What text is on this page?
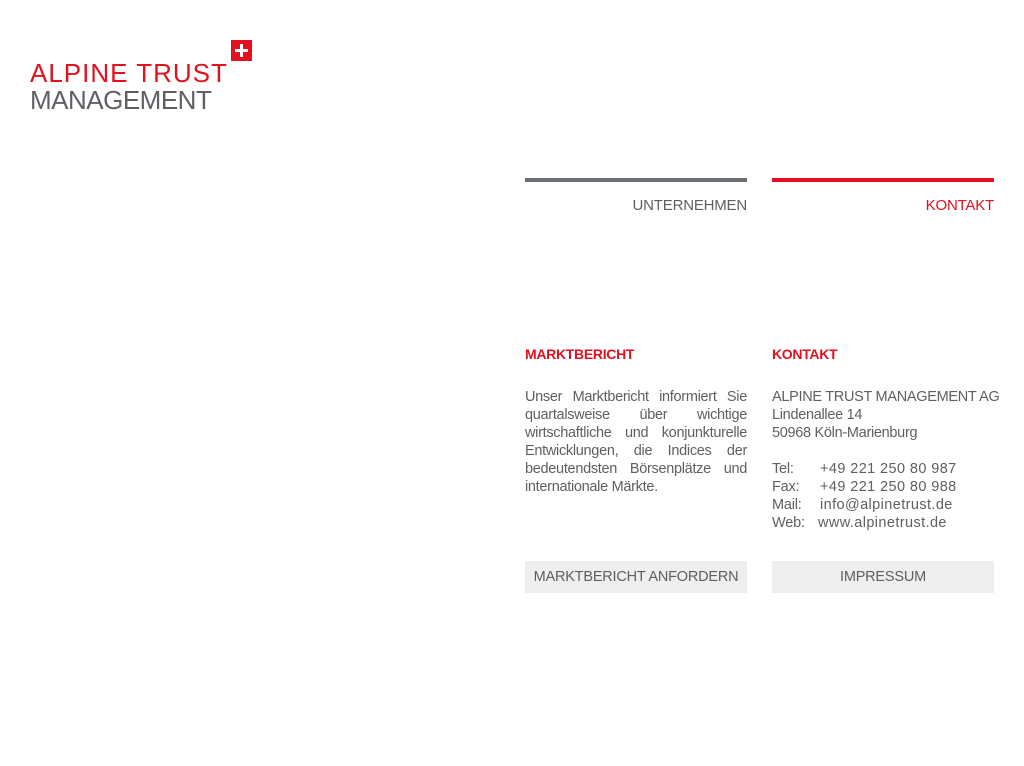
ALPINE TRUST
MANAGEMENT
UNTERNEHMEN	KONTAKT
MARKTBERICHT
Unser Marktbericht informiert Sie quartalsweise über wichtige wirtschaftliche und konjunkturelle Entwicklungen, die Indices der bedeutendsten Börsenplätze und internationale Märkte.
KONTAKT
ALPINE TRUST MANAGEMENT AG
Lindenallee 14
50968 Köln-Marienburg
Tel: +49 221 250 80 987
Fax: +49 221 250 80 988
Mail: info@alpinetrust.de
Web: www.alpinetrust.de
MARKTBERICHT ANFORDERN	IMPRESSUM
